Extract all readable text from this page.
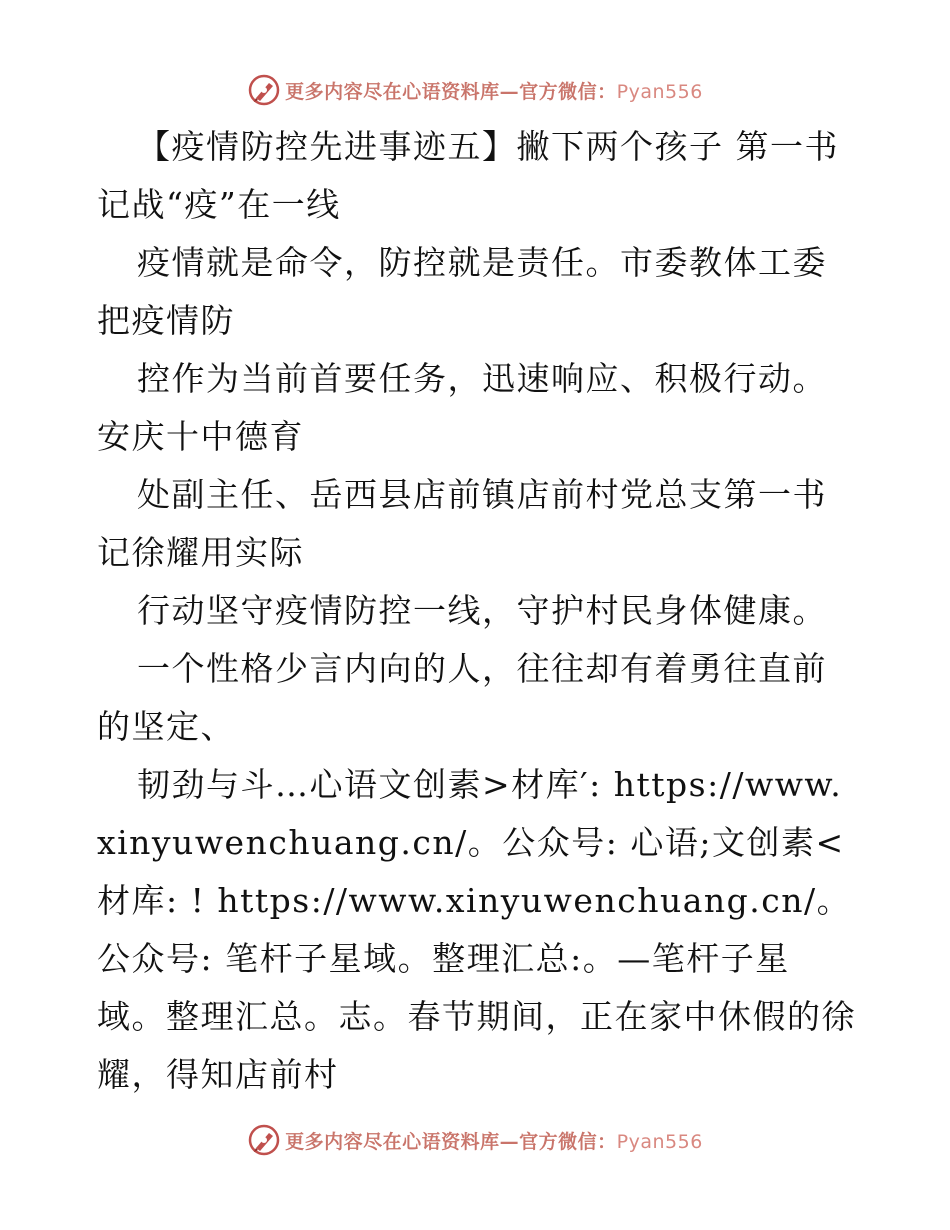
更多内容尽在心语资料库—官方微信：Pyan556

【疫情防控先进事迹五】撇下两个孩子 第一书记战“疫”在一线

疫情就是命令，防控就是责任。市委教体工委把疫情防

控作为当前首要任务，迅速响应、积极行动。安庆十中德育

处副主任、岳西县店前镇店前村党总支第一书记徐耀用实际

行动坚守疫情防控一线，守护村民身体健康。

一个性格少言内向的人，往往却有着勇往直前的坚定、

韧劲与斗…心语文创素>材库′: https://www.xinyuwenchuang.cn/。公众号: 心语;文创素<材库: ! https://www.xinyuwenchuang.cn/。公众号: 笔杆子星域。整理汇总:。—笔杆子星域。整理汇总。志。春节期间，正在家中休假的徐耀，得知店前村

更多内容尽在心语资料库—官方微信：Pyan556
